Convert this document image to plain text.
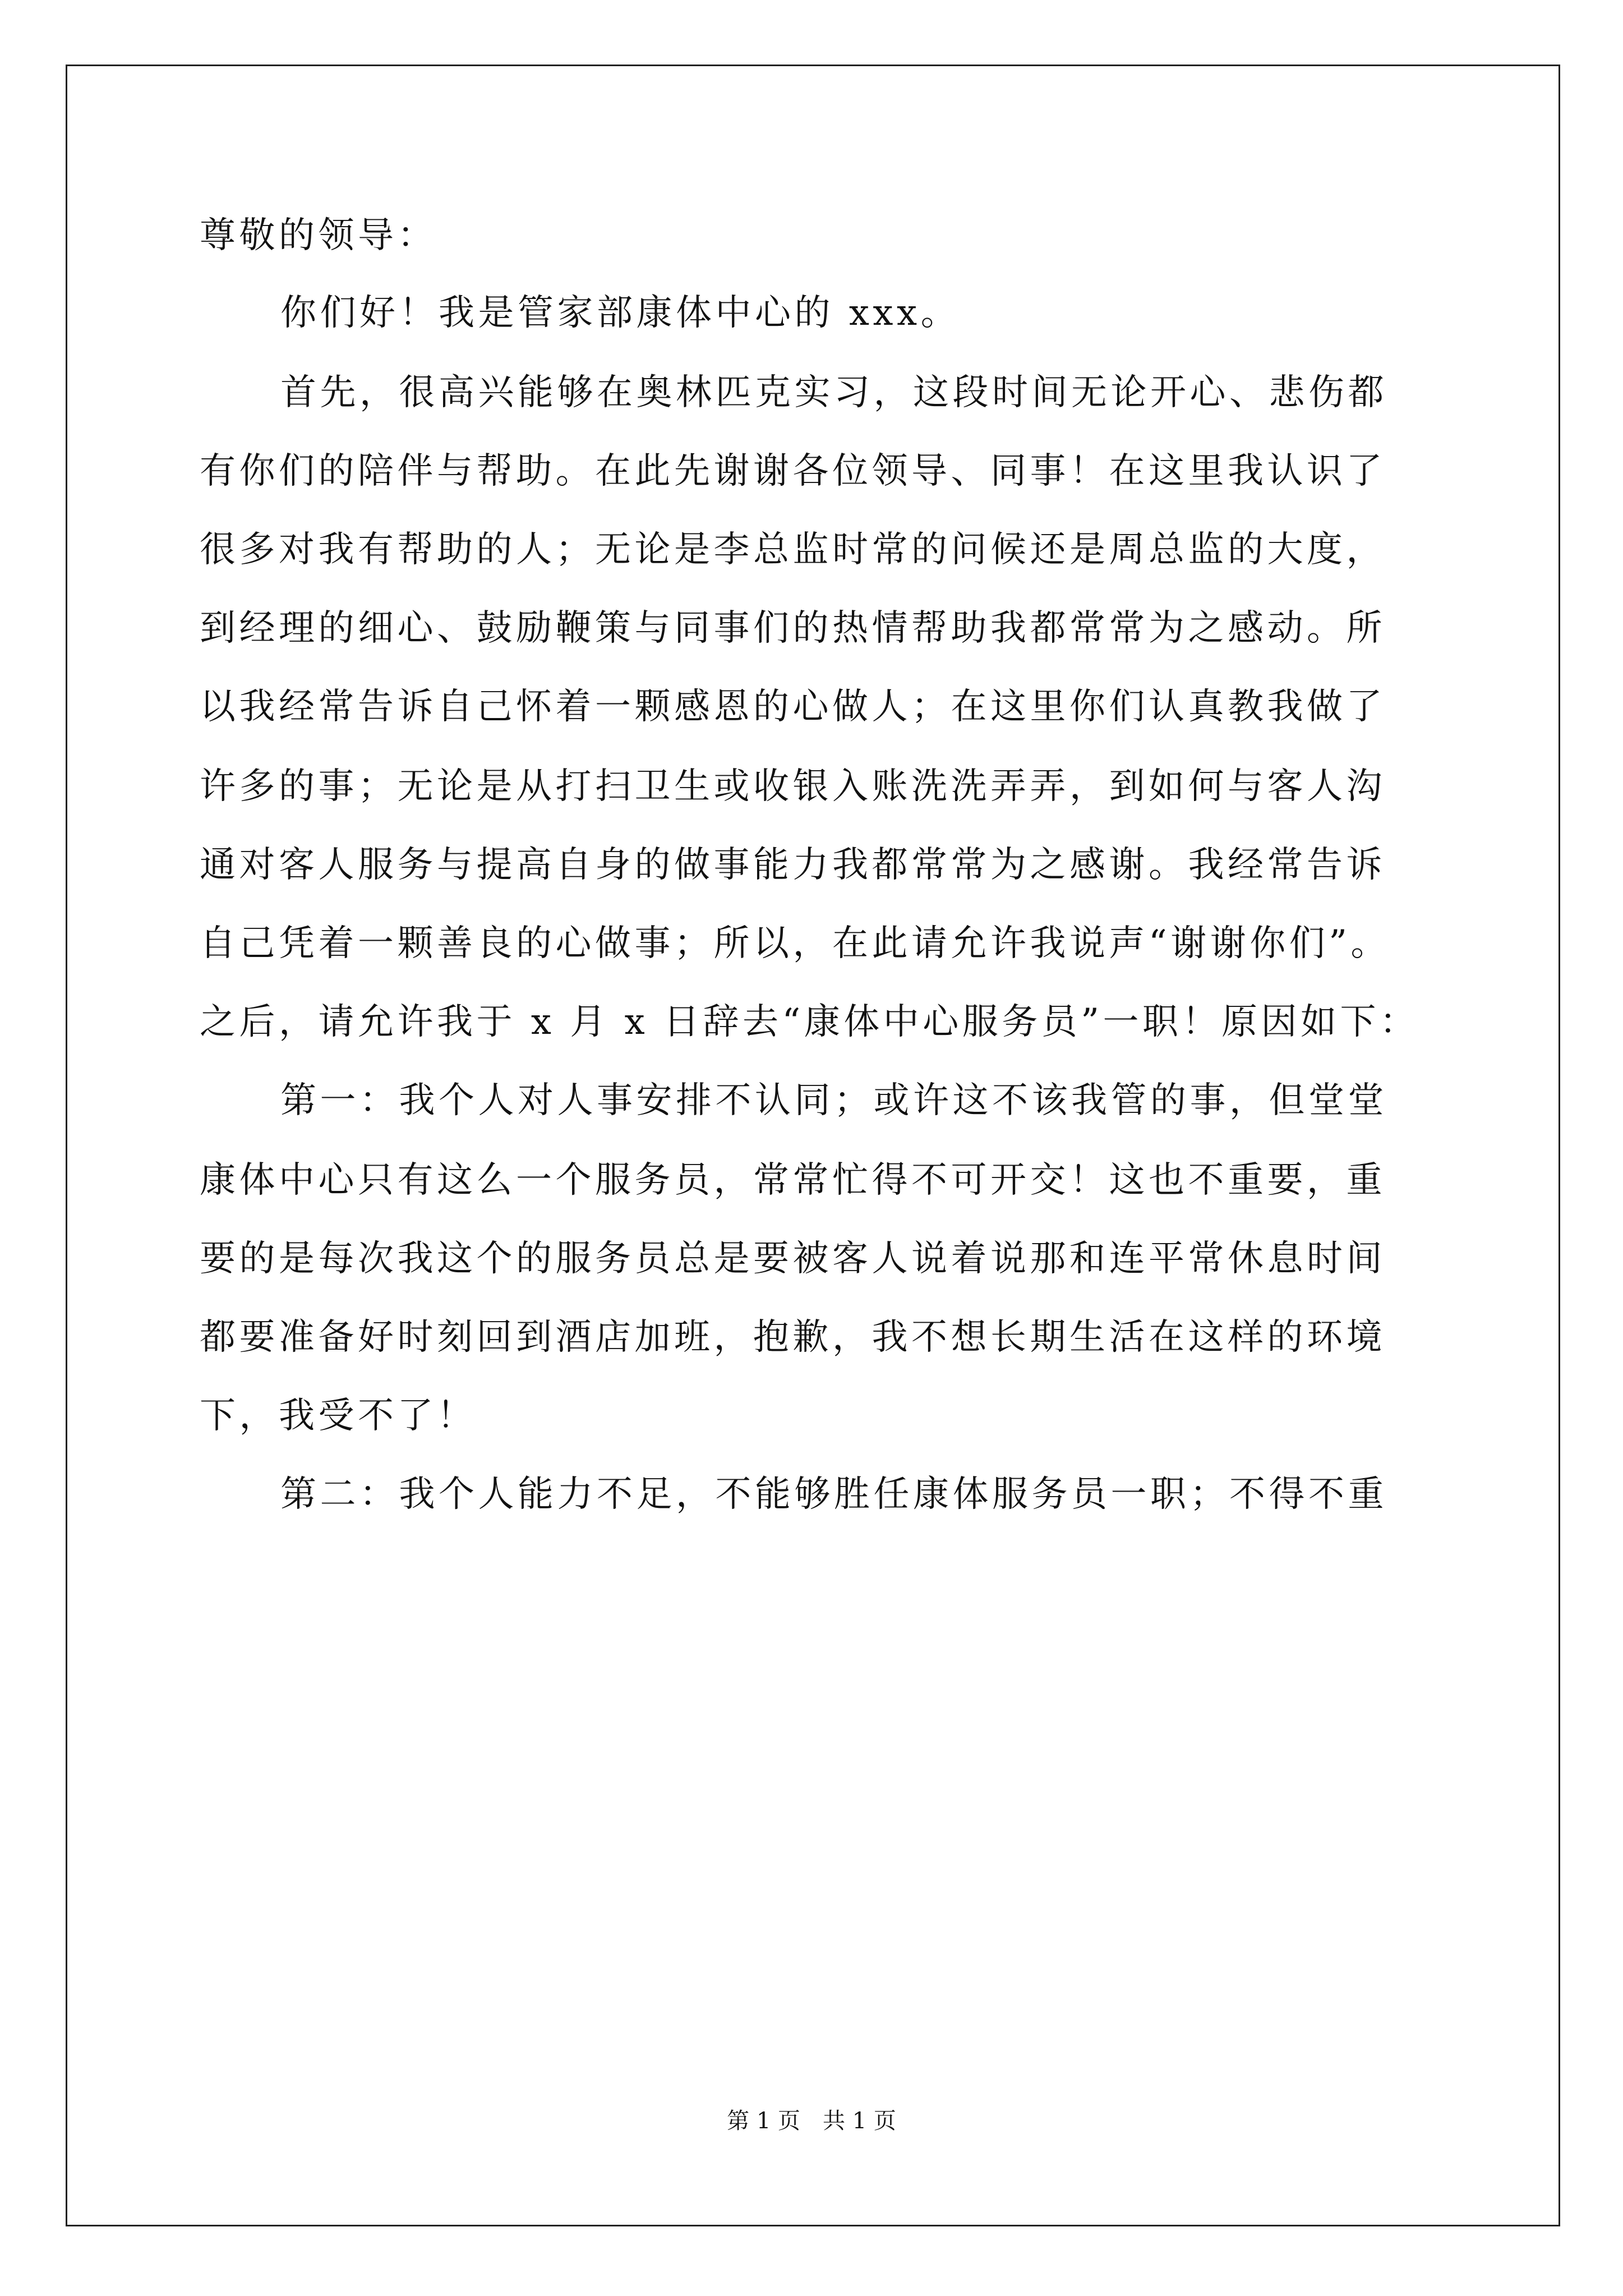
尊敬的领导：
你们好！我是管家部康体中心的 xxx。
首先，很高兴能够在奥林匹克实习，这段时间无论开心、悲伤都
有你们的陪伴与帮助。在此先谢谢各位领导、同事！在这里我认识了
很多对我有帮助的人；无论是李总监时常的问候还是周总监的大度，
到经理的细心、鼓励鞭策与同事们的热情帮助我都常常为之感动。所
以我经常告诉自己怀着一颗感恩的心做人；在这里你们认真教我做了
许多的事；无论是从打扫卫生或收银入账洗洗弄弄，到如何与客人沟
通对客人服务与提高自身的做事能力我都常常为之感谢。我经常告诉
自己凭着一颗善良的心做事；所以，在此请允许我说声“谢谢你们”。
之后，请允许我于 x 月 x 日辞去“康体中心服务员”一职！原因如下：
第一：我个人对人事安排不认同；或许这不该我管的事，但堂堂
康体中心只有这么一个服务员，常常忙得不可开交！这也不重要，重
要的是每次我这个的服务员总是要被客人说着说那和连平常休息时间
都要准备好时刻回到酒店加班，抱歉，我不想长期生活在这样的环境
下，我受不了！
第二：我个人能力不足，不能够胜任康体服务员一职；不得不重
第 1 页　共 1 页
